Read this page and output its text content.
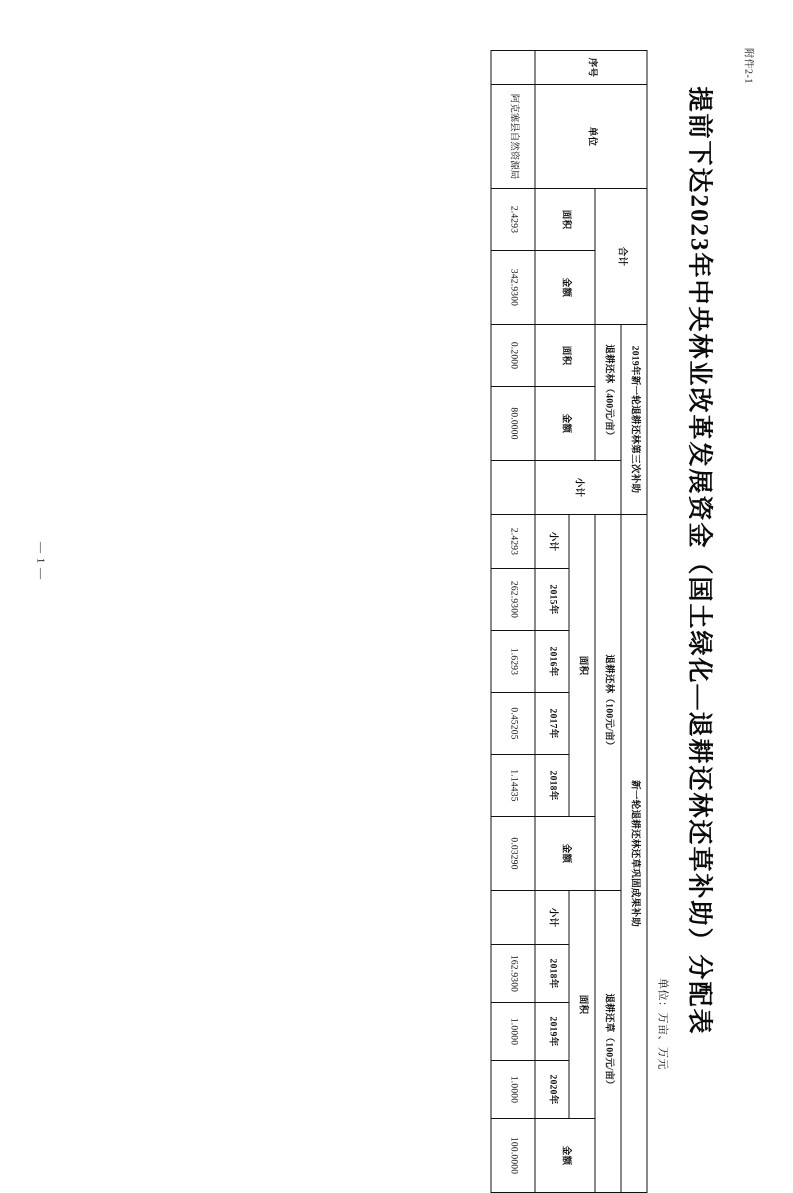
附件2-1
提前下达2023年中央林业改革发展资金（国土绿化—退耕还林还草补助）分配表
单位：万亩、万元
序号	单位	合计		2019年新一轮退耕还林第三次补助			新一轮退耕还林还草巩固成果补助										
				退耕还林（400元/亩）		小计	退耕还林（100元/亩）						退耕还草（100元/亩）				
		面积	金额	面积	金额		面积					金额	面积				金额
							小计	2015年	2016年	2017年	2018年		小计	2018年	2019年	2020年	
	阿克塞县自然资源局	2.4293	342.9300	0.2000	80.0000		2.4293	262.9300	1.6293	0.45205	1.14435	0.03290		162.9300	1.0000	1.0000	100.0000
— 1 —
